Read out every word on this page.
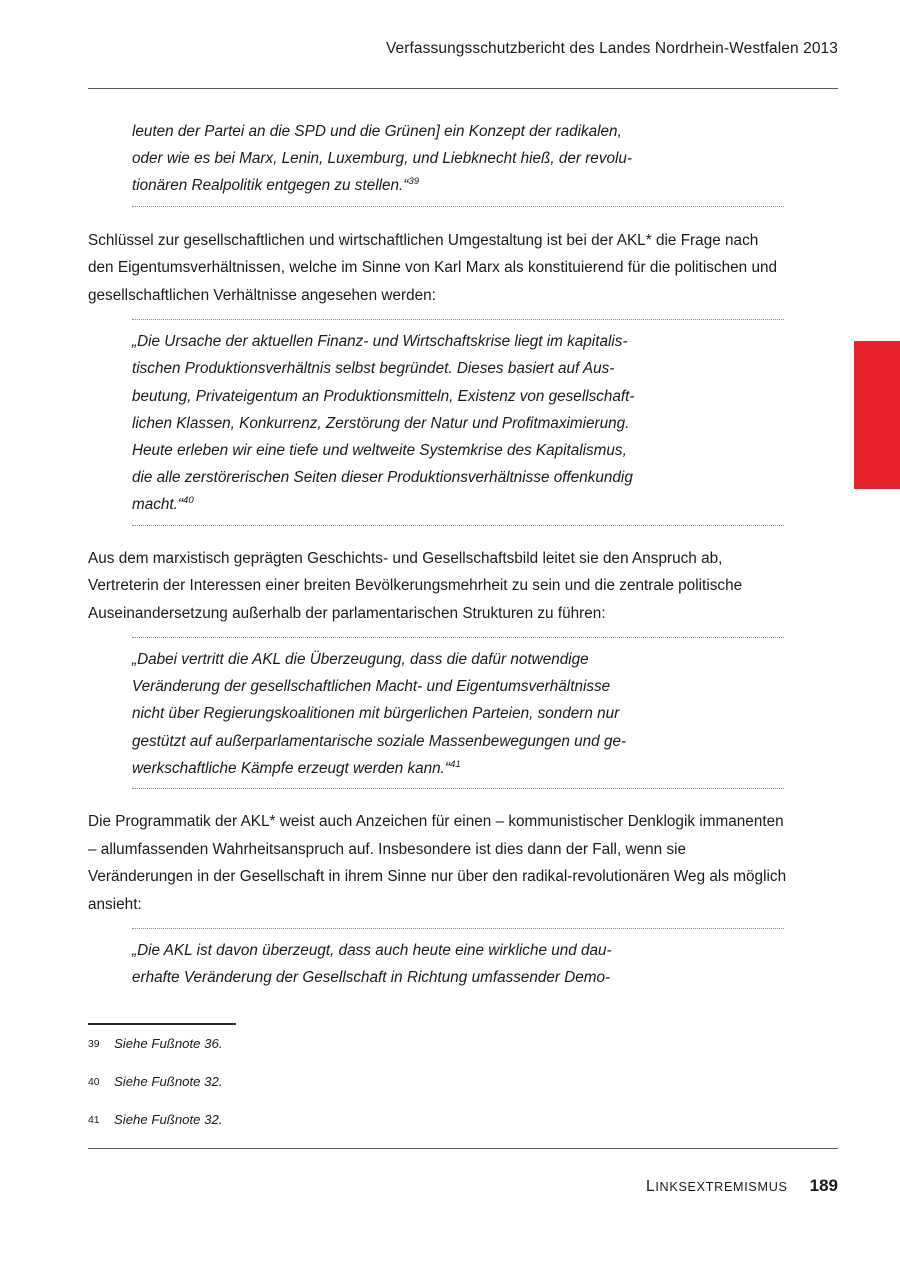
Verfassungsschutzbericht des Landes Nordrhein-Westfalen 2013

leuten der Partei an die SPD und die Grünen] ein Konzept der radikalen,

oder wie es bei Marx, Lenin, Luxemburg, und Liebknecht hieß, der revolu-

tionären Realpolitik entgegen zu stellen.“$^{39}$

Schlüssel zur gesellschaftlichen und wirtschaftlichen Umgestaltung ist bei der AKL* die Frage nach den Eigentumsverhältnissen, welche im Sinne von Karl Marx als konstituierend für die politischen und gesellschaftlichen Verhältnisse angesehen werden:

„Die Ursache der aktuellen Finanz- und Wirtschaftskrise liegt im kapitalis-

tischen Produktionsverhältnis selbst begründet. Dieses basiert auf Aus-

beutung, Privateigentum an Produktionsmitteln, Existenz von gesellschaft-

lichen Klassen, Konkurrenz, Zerstörung der Natur und Profitmaximierung.

Heute erleben wir eine tiefe und weltweite Systemkrise des Kapitalismus,

die alle zerstörerischen Seiten dieser Produktionsverhältnisse offenkundig

macht.“$^{40}$

Aus dem marxistisch geprägten Geschichts- und Gesellschaftsbild leitet sie den Anspruch ab, Vertreterin der Interessen einer breiten Bevölkerungsmehrheit zu sein und die zentrale politische Auseinandersetzung außerhalb der parlamentarischen Strukturen zu führen:

„Dabei vertritt die AKL die Überzeugung, dass die dafür notwendige

Veränderung der gesellschaftlichen Macht- und Eigentumsverhältnisse

nicht über Regierungskoalitionen mit bürgerlichen Parteien, sondern nur

gestützt auf außerparlamentarische soziale Massenbewegungen und ge-

werkschaftliche Kämpfe erzeugt werden kann.“$^{41}$

Die Programmatik der AKL* weist auch Anzeichen für einen – kommunistischer Denklogik immanenten – allumfassenden Wahrheitsanspruch auf. Insbesondere ist dies dann der Fall, wenn sie Veränderungen in der Gesellschaft in ihrem Sinne nur über den radikal-revolutionären Weg als möglich ansieht:

„Die AKL ist davon überzeugt, dass auch heute eine wirkliche und dau-

erhafte Veränderung der Gesellschaft in Richtung umfassender Demo-

39	Siehe Fußnote 36.
40	Siehe Fußnote 32.
41	Siehe Fußnote 32.
LINKSEXTREMISMUS 189
